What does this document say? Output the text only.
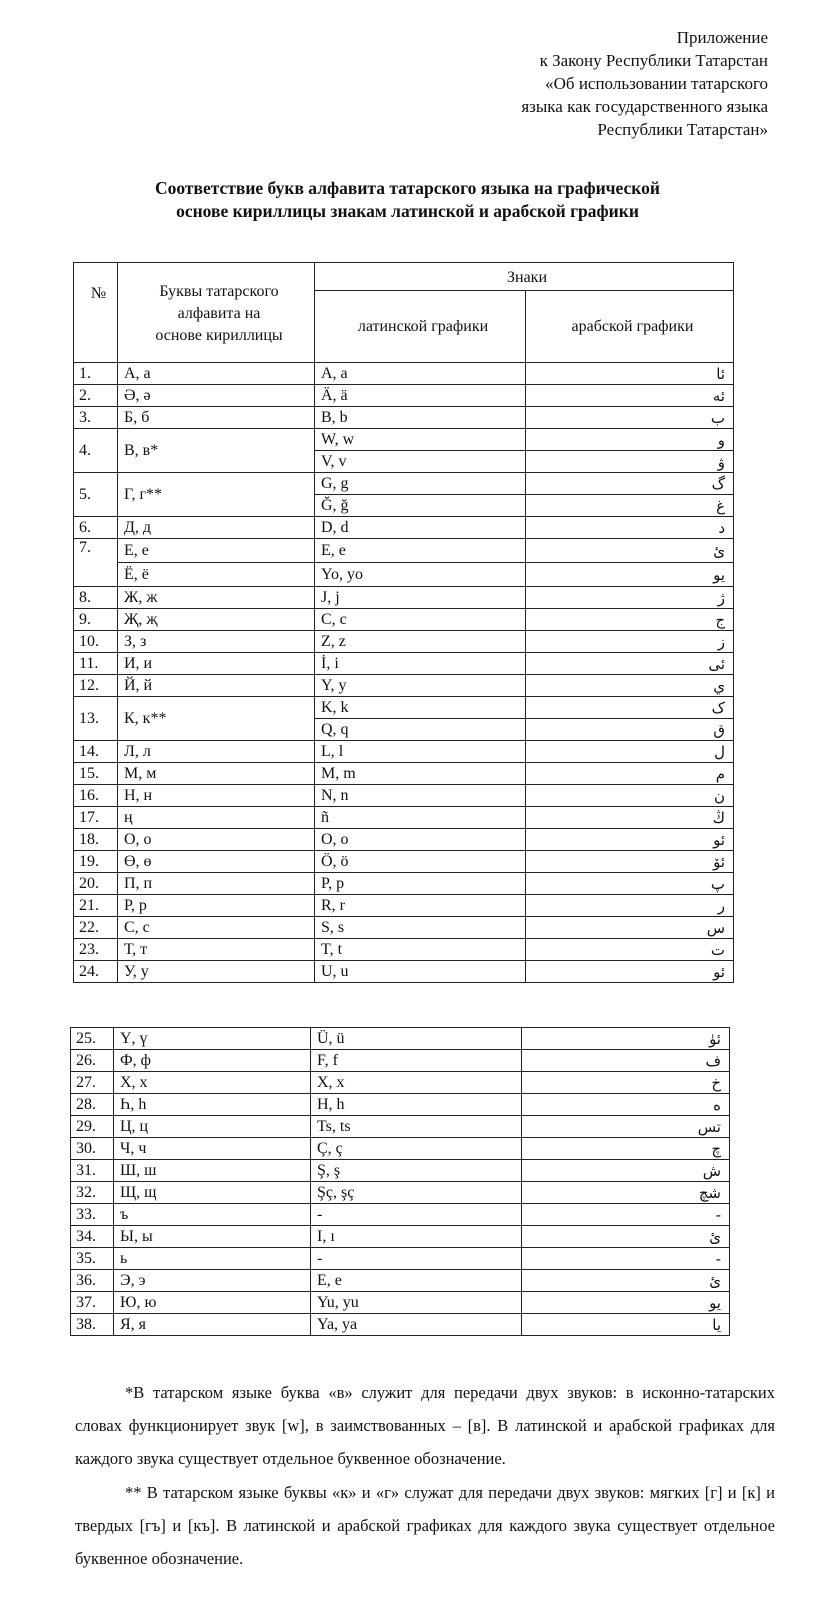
Приложение
к Закону Республики Татарстан
«Об использовании татарского
языка как государственного языка
Республики Татарстан»
Соответствие букв алфавита татарского языка на графической
основе кириллицы знакам латинской и арабской графики
№	Буквы татарского
алфавита на
основе кириллицы	Знаки	
		латинской графики	арабской графики
1.	А, а	A, a	ئا
2.	Ә, ә	Ä, ä	ئه
3.	Б, б	B, b	ب
4.	В, в*	W, w	و
		V, v	ۋ
5.	Г, г**	G, g	گ
		Ğ, ğ	غ
6.	Д, д	D, d	د
7.	Е, е	E, e	ئ
	Ё, ё	Yo, yo	يو
8.	Ж, ж	J, j	ژ
9.	Җ, җ	C, c	ج
10.	З, з	Z, z	ز
11.	И, и	İ, i	ئی
12.	Й, й	Y, y	ي
13.	К, к**	K, k	ک
		Q, q	ق
14.	Л, л	L, l	ل
15.	М, м	M, m	م
16.	Н, н	N, n	ن
17.	ң	ñ	ڭ
18.	О, о	O, o	ئو
19.	Ө, ө	Ö, ö	ئۆ
20.	П, п	P, p	پ
21.	Р, р	R, r	ر
22.	С, с	S, s	س
23.	Т, т	T, t	ت
24.	У, у	U, u	ئو
25.	Ү, ү	Ü, ü	ئۈ
26.	Ф, ф	F, f	ف
27.	Х, х	X, x	خ
28.	Һ, һ	H, h	ه
29.	Ц, ц	Ts, ts	تس
30.	Ч, ч	Ç, ç	چ
31.	Ш, ш	Ş, ş	ش
32.	Щ, щ	Şç, şç	شچ
33.	ъ	-	-
34.	Ы, ы	I, ı	ئ
35.	ь	-	-
36.	Э, э	E, e	ئ
37.	Ю, ю	Yu, yu	يو
38.	Я, я	Ya, ya	يا
*В татарском языке буква «в» служит для передачи двух звуков: в исконно-татарских словах функционирует звук [w], в заимствованных – [в]. В латинской и арабской графиках для каждого звука существует отдельное буквенное обозначение.
** В татарском языке буквы «к» и «г» служат для передачи двух звуков: мягких [г] и [к] и твердых [гъ] и [къ]. В латинской и арабской графиках для каждого звука существует отдельное буквенное обозначение.
